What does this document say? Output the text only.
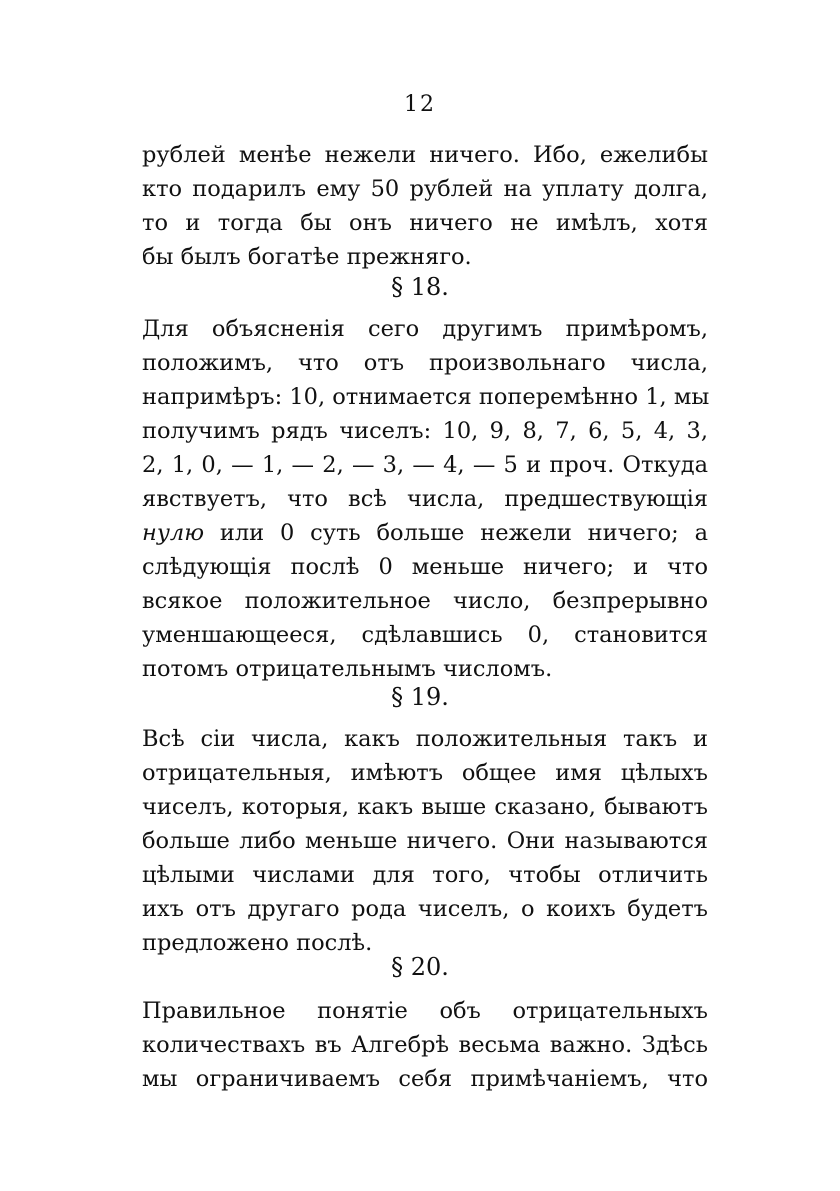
12
рублей менѣе нежели ничего. Ибо, ежелибы
кто подарилъ ему 50 рублей на уплату долга,
то и тогда бы онъ ничего не имѣлъ, хотя
бы былъ богатѣе прежняго.
§ 18.
Для объясненія сего другимъ примѣромъ,
положимъ, что отъ произвольнаго числа,
напримѣръ: 10, отнимается поперемѣнно 1, мы
получимъ рядъ чиселъ: 10, 9, 8, 7, 6, 5, 4, 3,
2, 1, 0, — 1, — 2, — 3, — 4, — 5 и проч. Откуда
явствуетъ, что всѣ числа, предшествующія
нулю или 0 суть больше нежели ничего; а
слѣдующія послѣ 0 меньше ничего; и что
всякое положительное число, безпрерывно
уменшающееся, сдѣлавшись 0, становится
потомъ отрицательнымъ числомъ.
§ 19.
Всѣ сіи числа, какъ положительныя такъ и
отрицательныя, имѣютъ общее имя цѣлыхъ
чиселъ, которыя, какъ выше сказано, бываютъ
больше либо меньше ничего. Они называются
цѣлыми числами для того, чтобы отличить
ихъ отъ другаго рода чиселъ, о коихъ будетъ
предложено послѣ.
§ 20.
Правильное понятіе объ отрицательныхъ
количествахъ въ Алгебрѣ весьма важно. Здѣсь
мы ограничиваемъ себя примѣчаніемъ, что
